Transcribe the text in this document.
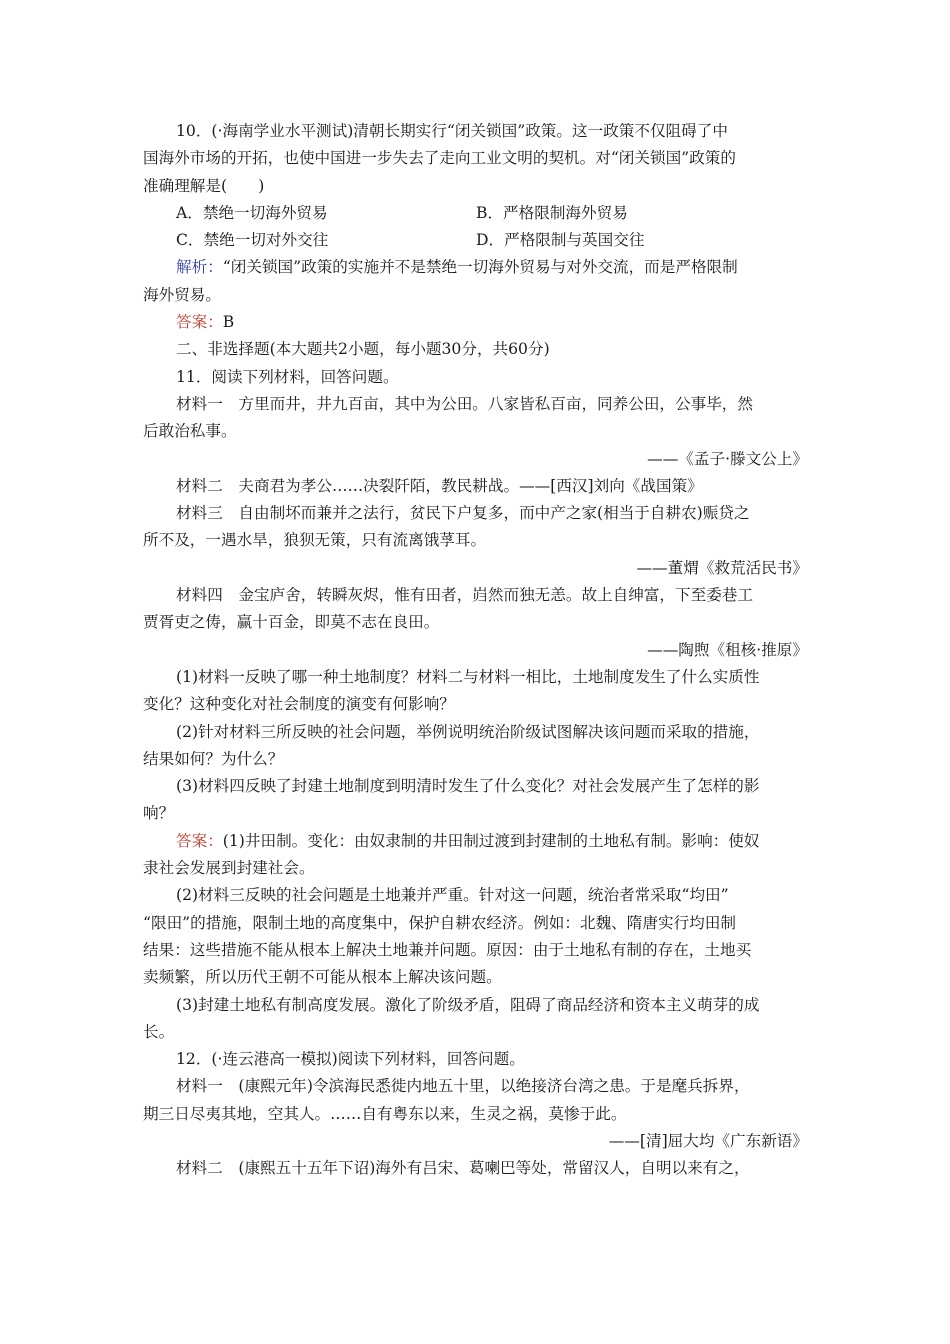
10．(·海南学业水平测试)清朝长期实行“闭关锁国”政策。这一政策不仅阻碍了中
国海外市场的开拓，也使中国进一步失去了走向工业文明的契机。对“闭关锁国”政策的
准确理解是(　　)
A．禁绝一切海外贸易	B．严格限制海外贸易
C．禁绝一切对外交往	D．严格限制与英国交往
解析：“闭关锁国”政策的实施并不是禁绝一切海外贸易与对外交流，而是严格限制
海外贸易。
答案：B
二、非选择题(本大题共2小题，每小题30分，共60分)
11．阅读下列材料，回答问题。
材料一　方里而井，井九百亩，其中为公田。八家皆私百亩，同养公田，公事毕，然
后敢治私事。
——《孟子·滕文公上》
材料二　夫商君为孝公……决裂阡陌，教民耕战。——[西汉]刘向《战国策》
材料三　自由制坏而兼并之法行，贫民下户复多，而中产之家(相当于自耕农)赈贷之
所不及，一遇水旱，狼狈无策，只有流离饿莩耳。
——董煟《救荒活民书》
材料四　金宝庐舍，转瞬灰烬，惟有田者，岿然而独无恙。故上自绅富，下至委巷工
贾胥吏之俦，赢十百金，即莫不志在良田。
——陶煦《租核·推原》
(1)材料一反映了哪一种土地制度？材料二与材料一相比，土地制度发生了什么实质性
变化？这种变化对社会制度的演变有何影响？
(2)针对材料三所反映的社会问题，举例说明统治阶级试图解决该问题而采取的措施，
结果如何？为什么？
(3)材料四反映了封建土地制度到明清时发生了什么变化？对社会发展产生了怎样的影
响？
答案：(1)井田制。变化：由奴隶制的井田制过渡到封建制的土地私有制。影响：使奴
隶社会发展到封建社会。
(2)材料三反映的社会问题是土地兼并严重。针对这一问题，统治者常采取“均田”
“限田”的措施，限制土地的高度集中，保护自耕农经济。例如：北魏、隋唐实行均田制
结果：这些措施不能从根本上解决土地兼并问题。原因：由于土地私有制的存在，土地买
卖频繁，所以历代王朝不可能从根本上解决该问题。
(3)封建土地私有制高度发展。激化了阶级矛盾，阻碍了商品经济和资本主义萌芽的成
长。
12．(·连云港高一模拟)阅读下列材料，回答问题。
材料一　(康熙元年)令滨海民悉徙内地五十里，以绝接济台湾之患。于是麾兵拆界，
期三日尽夷其地，空其人。……自有粤东以来，生灵之祸，莫惨于此。
——[清]屈大均《广东新语》
材料二　(康熙五十五年下诏)海外有吕宋、葛喇巴等处，常留汉人，自明以来有之，
